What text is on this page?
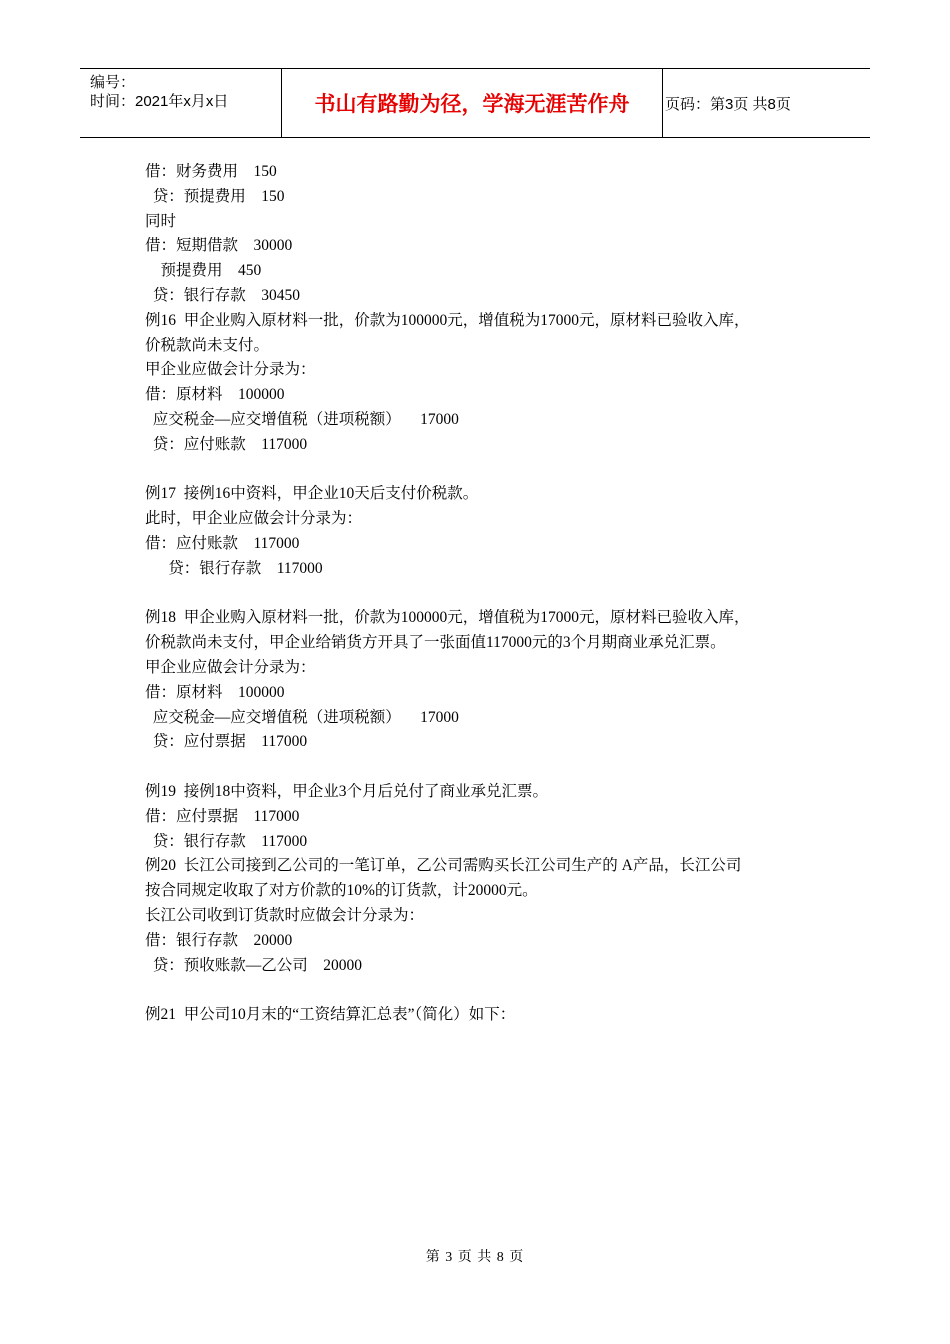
编号：
时间：2021年x月x日	书山有路勤为径，学海无涯苦作舟	页码：第3页 共8页
借：财务费用    150
贷：预提费用    150
同时
借：短期借款    30000
预提费用    450
贷：银行存款    30450
例16  甲企业购入原材料一批，价款为100000元，增值税为17000元，原材料已验收入库，
价税款尚未支付。
甲企业应做会计分录为：
借：原材料    100000
应交税金—应交增值税（进项税额）     17000
贷：应付账款    117000
例17  接例16中资料，甲企业10天后支付价税款。
此时，甲企业应做会计分录为：
借：应付账款    117000
贷：银行存款    117000
例18  甲企业购入原材料一批，价款为100000元，增值税为17000元，原材料已验收入库，
价税款尚未支付，甲企业给销货方开具了一张面值117000元的3个月期商业承兑汇票。
甲企业应做会计分录为：
借：原材料    100000
应交税金—应交增值税（进项税额）     17000
贷：应付票据    117000
例19  接例18中资料，甲企业3个月后兑付了商业承兑汇票。
借：应付票据    117000
贷：银行存款    117000
例20  长江公司接到乙公司的一笔订单，乙公司需购买长江公司生产的 A产品，长江公司
按合同规定收取了对方价款的10%的订货款，计20000元。
长江公司收到订货款时应做会计分录为：
借：银行存款    20000
贷：预收账款—乙公司    20000
例21  甲公司10月末的“工资结算汇总表”（简化）如下：
第 3 页 共 8 页
